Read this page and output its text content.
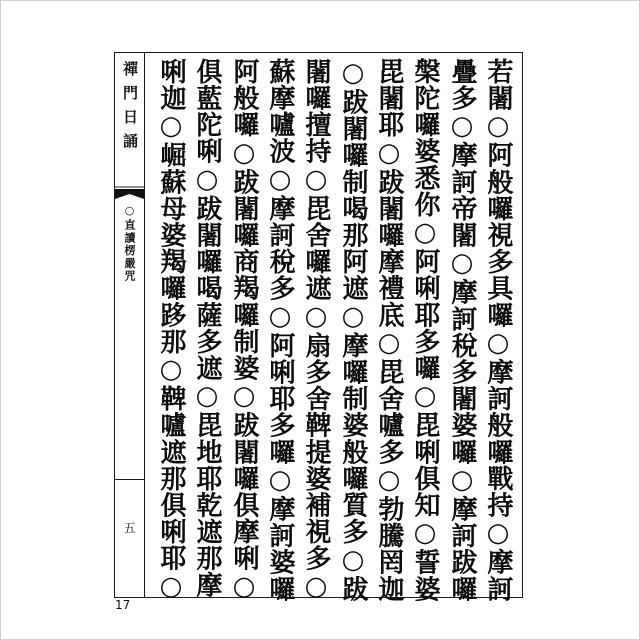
禪門日誦
○直讀楞嚴咒
五	若闍○阿般囉視多具囉○摩訶般囉戰持○摩訶
疊多○摩訶帝闍○摩訶稅多闍婆囉○摩訶跋囉
槃陀囉婆悉你○阿唎耶多囉○毘唎俱知○誓婆
毘闍耶○跋闍囉摩禮底○毘舍嚧多○勃騰罔迦
○跋闍囉制喝那阿遮○摩囉制婆般囉質多○跋
闍囉擅持○毘舍囉遮○扇多舍鞞提婆補視多○
蘇摩嚧波○摩訶稅多○阿唎耶多囉○摩訶婆囉
阿般囉○跋闍囉商羯囉制婆○跋闍囉俱摩唎○
俱藍陀唎○跋闍囉喝薩多遮○毘地耶乾遮那摩
唎迦○崛蘇母婆羯囉跢那○鞞嚧遮那俱唎耶○
17
